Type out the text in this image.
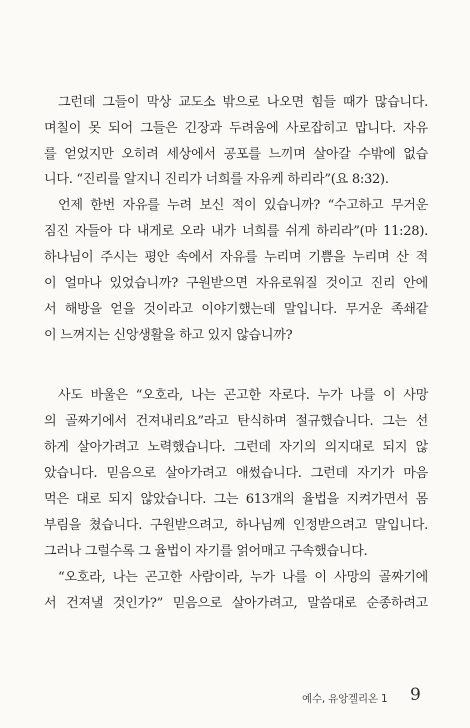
그런데 그들이 막상 교도소 밖으로 나오면 힘들 때가 많습니다.
며칠이 못 되어 그들은 긴장과 두려움에 사로잡히고 맙니다. 자유
를 얻었지만 오히려 세상에서 공포를 느끼며 살아갈 수밖에 없습
니다. “진리를 알지니 진리가 너희를 자유케 하리라”(요 8:32).
언제 한번 자유를 누려 보신 적이 있습니까? “수고하고 무거운
짐진 자들아 다 내게로 오라 내가 너희를 쉬게 하리라”(마 11:28).
하나님이 주시는 평안 속에서 자유를 누리며 기쁨을 누리며 산 적
이 얼마나 있었습니까? 구원받으면 자유로워질 것이고 진리 안에
서 해방을 얻을 것이라고 이야기했는데 말입니다. 무거운 족쇄같
이 느껴지는 신앙생활을 하고 있지 않습니까?
사도 바울은 “오호라, 나는 곤고한 자로다. 누가 나를 이 사망
의 골짜기에서 건져내리요”라고 탄식하며 절규했습니다. 그는 선
하게 살아가려고 노력했습니다. 그런데 자기의 의지대로 되지 않
았습니다. 믿음으로 살아가려고 애썼습니다. 그런데 자기가 마음
먹은 대로 되지 않았습니다. 그는 613개의 율법을 지켜가면서 몸
부림을 쳤습니다. 구원받으려고, 하나님께 인정받으려고 말입니다.
그러나 그럴수록 그 율법이 자기를 얽어매고 구속했습니다.
“오호라, 나는 곤고한 사람이라, 누가 나를 이 사망의 골짜기에
서 건져낼 것인가?” 믿음으로 살아가려고, 말씀대로 순종하려고
예수, 유앙겔리온 1 9
